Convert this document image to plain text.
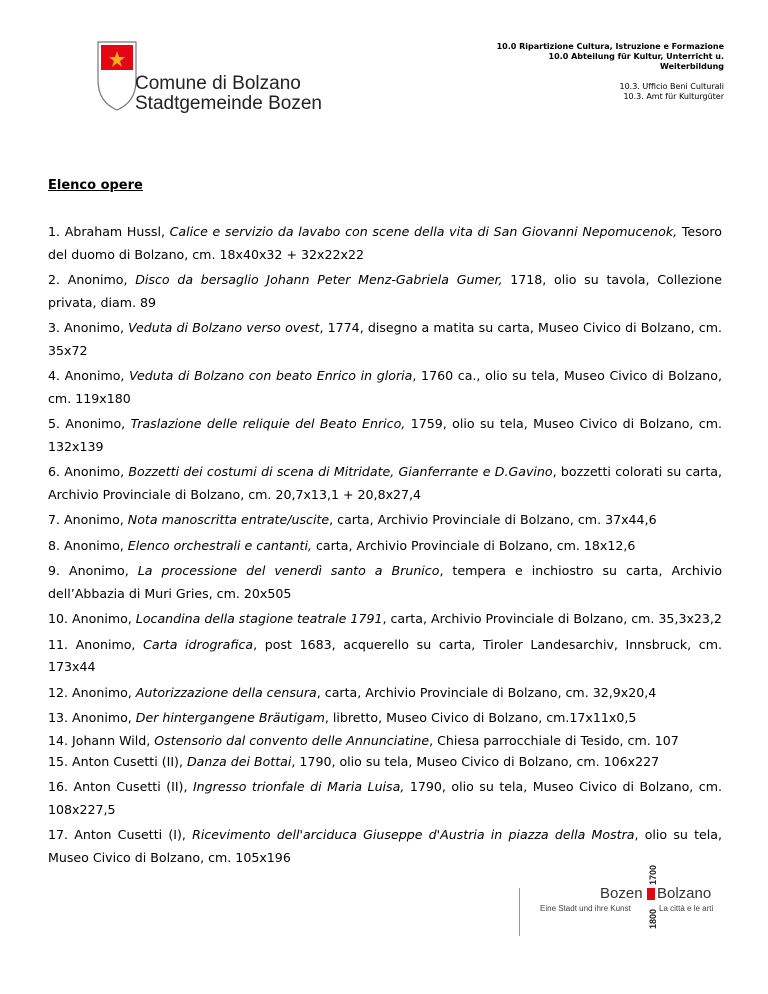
Comune di Bolzano
Stadtgemeinde Bozen
10.0 Ripartizione Cultura, Istruzione e Formazione
10.0 Abteilung für Kultur, Unterricht u. Weiterbildung
10.3. Ufficio Beni Culturali
10.3. Amt für Kulturgüter
Elenco opere
1. Abraham Hussl, Calice e servizio da lavabo con scene della vita di San Giovanni Nepomucenok, Tesoro del duomo di Bolzano, cm. 18x40x32 + 32x22x22
2. Anonimo, Disco da bersaglio Johann Peter Menz-Gabriela Gumer, 1718, olio su tavola, Collezione privata, diam. 89
3. Anonimo, Veduta di Bolzano verso ovest, 1774, disegno a matita su carta, Museo Civico di Bolzano, cm. 35x72
4. Anonimo, Veduta di Bolzano con beato Enrico in gloria, 1760 ca., olio su tela, Museo Civico di Bolzano, cm. 119x180
5. Anonimo, Traslazione delle reliquie del Beato Enrico, 1759, olio su tela, Museo Civico di Bolzano, cm. 132x139
6. Anonimo, Bozzetti dei costumi di scena di Mitridate, Gianferrante e D.Gavino, bozzetti colorati su carta, Archivio Provinciale di Bolzano, cm. 20,7x13,1 + 20,8x27,4
7. Anonimo, Nota manoscritta entrate/uscite, carta, Archivio Provinciale di Bolzano, cm. 37x44,6
8. Anonimo, Elenco orchestrali e cantanti, carta, Archivio Provinciale di Bolzano, cm. 18x12,6
9. Anonimo, La processione del venerdì santo a Brunico, tempera e inchiostro su carta, Archivio dell’Abbazia di Muri Gries, cm. 20x505
10. Anonimo, Locandina della stagione teatrale 1791, carta, Archivio Provinciale di Bolzano, cm. 35,3x23,2
11. Anonimo, Carta idrografica, post 1683, acquerello su carta, Tiroler Landesarchiv, Innsbruck, cm. 173x44
12. Anonimo, Autorizzazione della censura, carta, Archivio Provinciale di Bolzano, cm. 32,9x20,4
13. Anonimo, Der hintergangene Bräutigam, libretto, Museo Civico di Bolzano, cm.17x11x0,5
14. Johann Wild, Ostensorio dal convento delle Annunciatine, Chiesa parrocchiale di Tesido, cm. 107
15. Anton Cusetti (II), Danza dei Bottai, 1790, olio su tela, Museo Civico di Bolzano, cm. 106x227
16. Anton Cusetti (II), Ingresso trionfale di Maria Luisa, 1790, olio su tela, Museo Civico di Bolzano, cm. 108x227,5
17. Anton Cusetti (I), Ricevimento dell'arciduca Giuseppe d'Austria in piazza della Mostra, olio su tela, Museo Civico di Bolzano, cm. 105x196
1700
Bozen Bolzano
1800
Eine Stadt und ihre Kunst	La città e le arti
